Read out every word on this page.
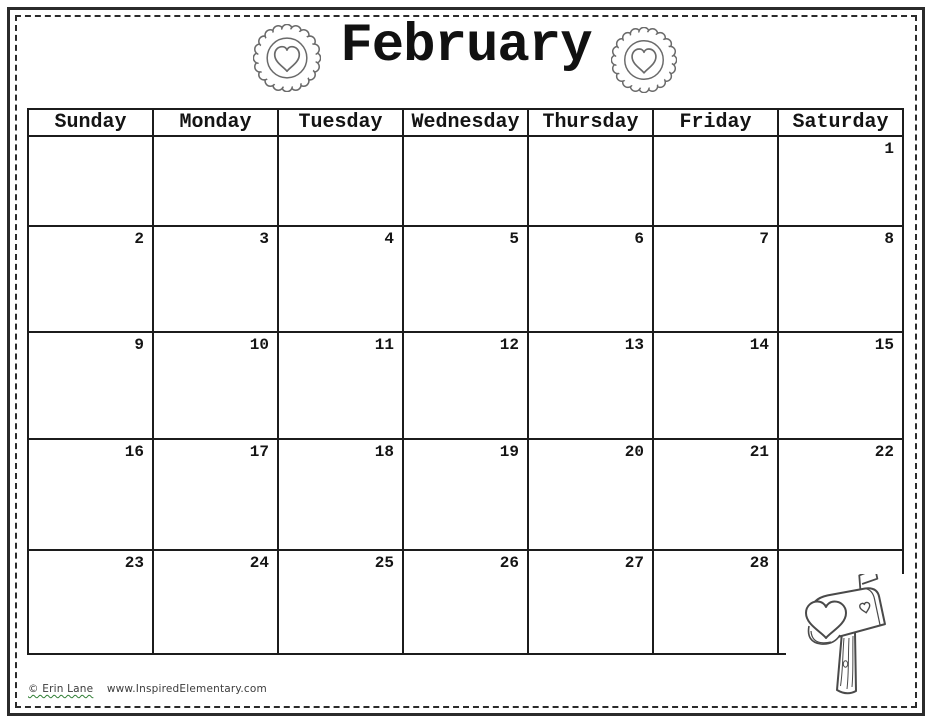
February
Sunday	Monday	Tuesday	Wednesday	Thursday	Friday	Saturday
						1
2	3	4	5	6	7	8
9	10	11	12	13	14	15
16	17	18	19	20	21	22
23	24	25	26	27	28	
© Erin Lane www.InspiredElementary.com
